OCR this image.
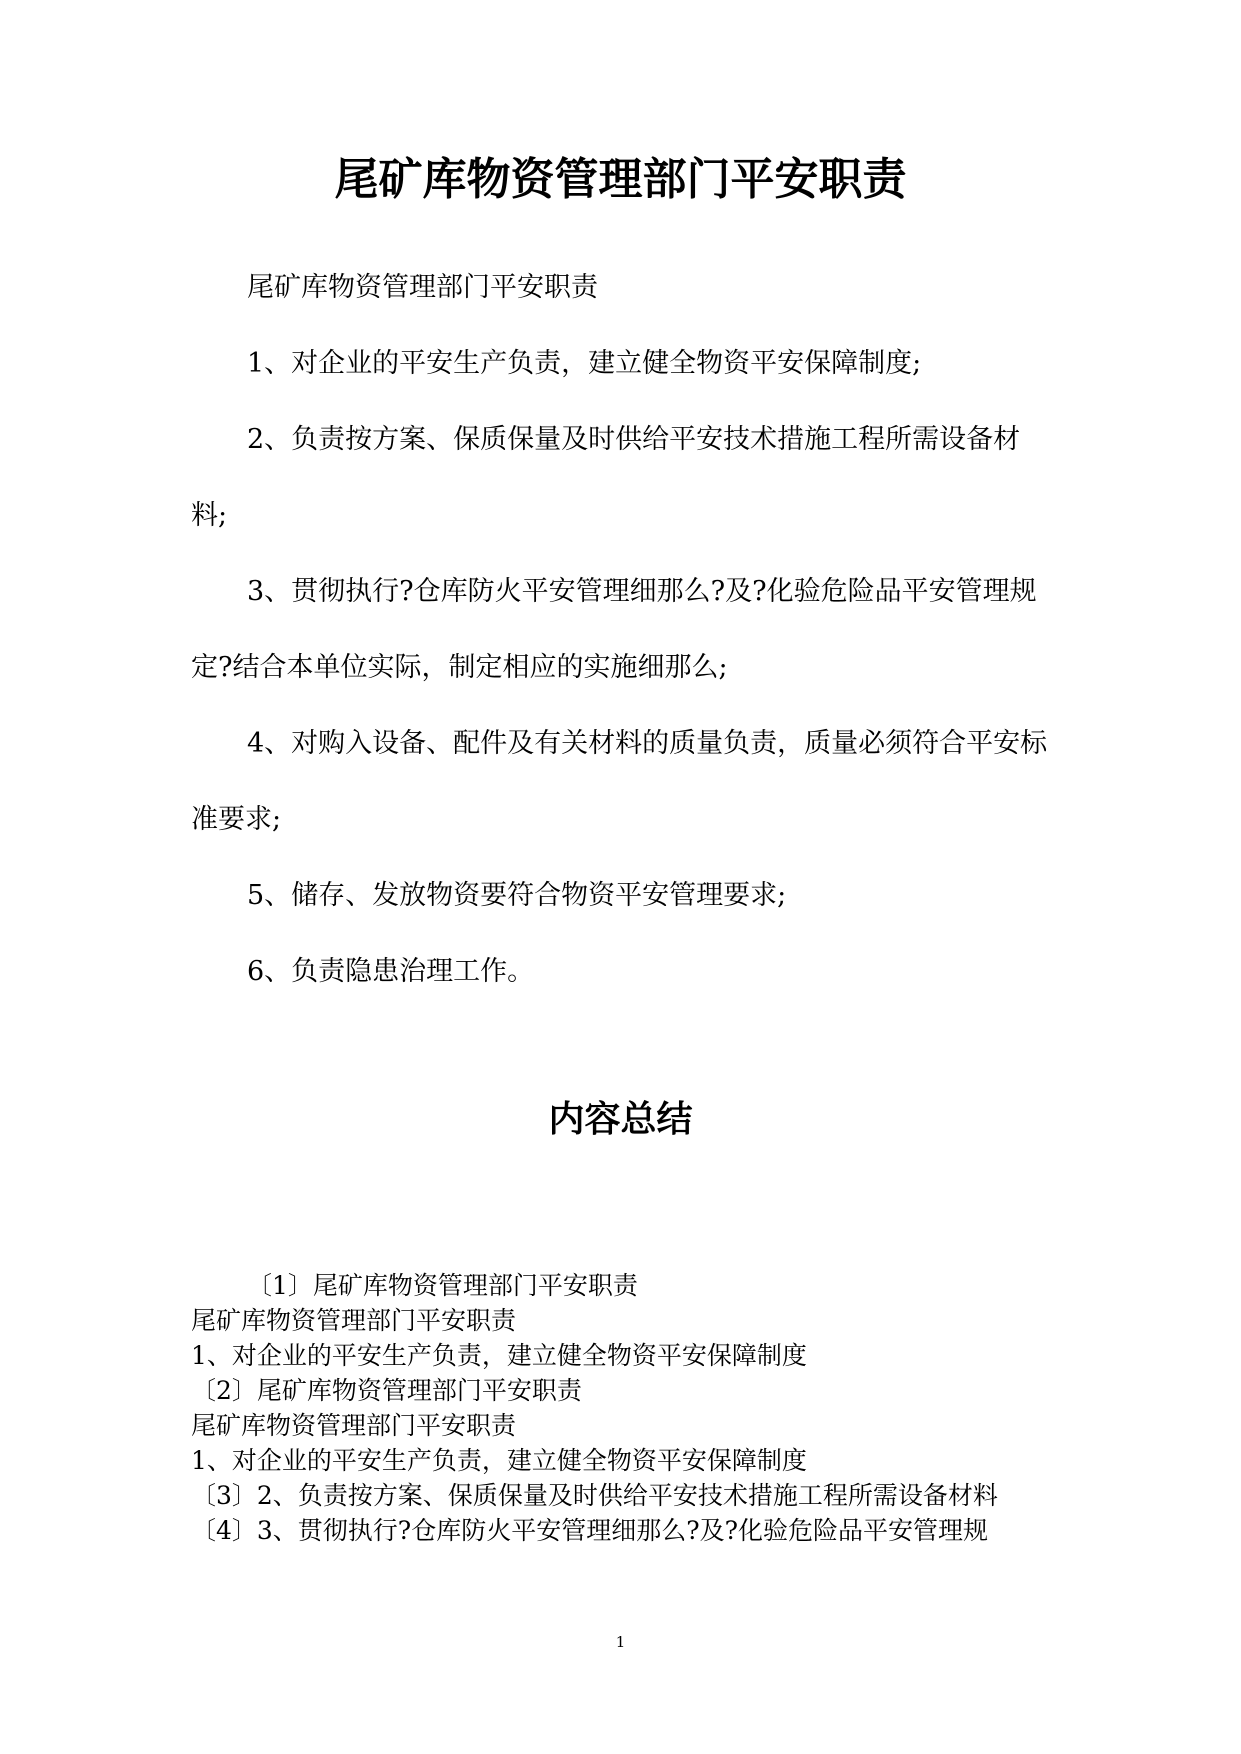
尾矿库物资管理部门平安职责

尾矿库物资管理部门平安职责

1、对企业的平安生产负责，建立健全物资平安保障制度;

2、负责按方案、保质保量及时供给平安技术措施工程所需设备材料;

3、贯彻执行?仓库防火平安管理细那么?及?化验危险品平安管理规定?结合本单位实际，制定相应的实施细那么;

4、对购入设备、配件及有关材料的质量负责，质量必须符合平安标准要求;

5、储存、发放物资要符合物资平安管理要求;

6、负责隐患治理工作。

内容总结

〔1〕尾矿库物资管理部门平安职责

尾矿库物资管理部门平安职责

1、对企业的平安生产负责，建立健全物资平安保障制度

〔2〕尾矿库物资管理部门平安职责

尾矿库物资管理部门平安职责

1、对企业的平安生产负责，建立健全物资平安保障制度

〔3〕2、负责按方案、保质保量及时供给平安技术措施工程所需设备材料

〔4〕3、贯彻执行?仓库防火平安管理细那么?及?化验危险品平安管理规

1
